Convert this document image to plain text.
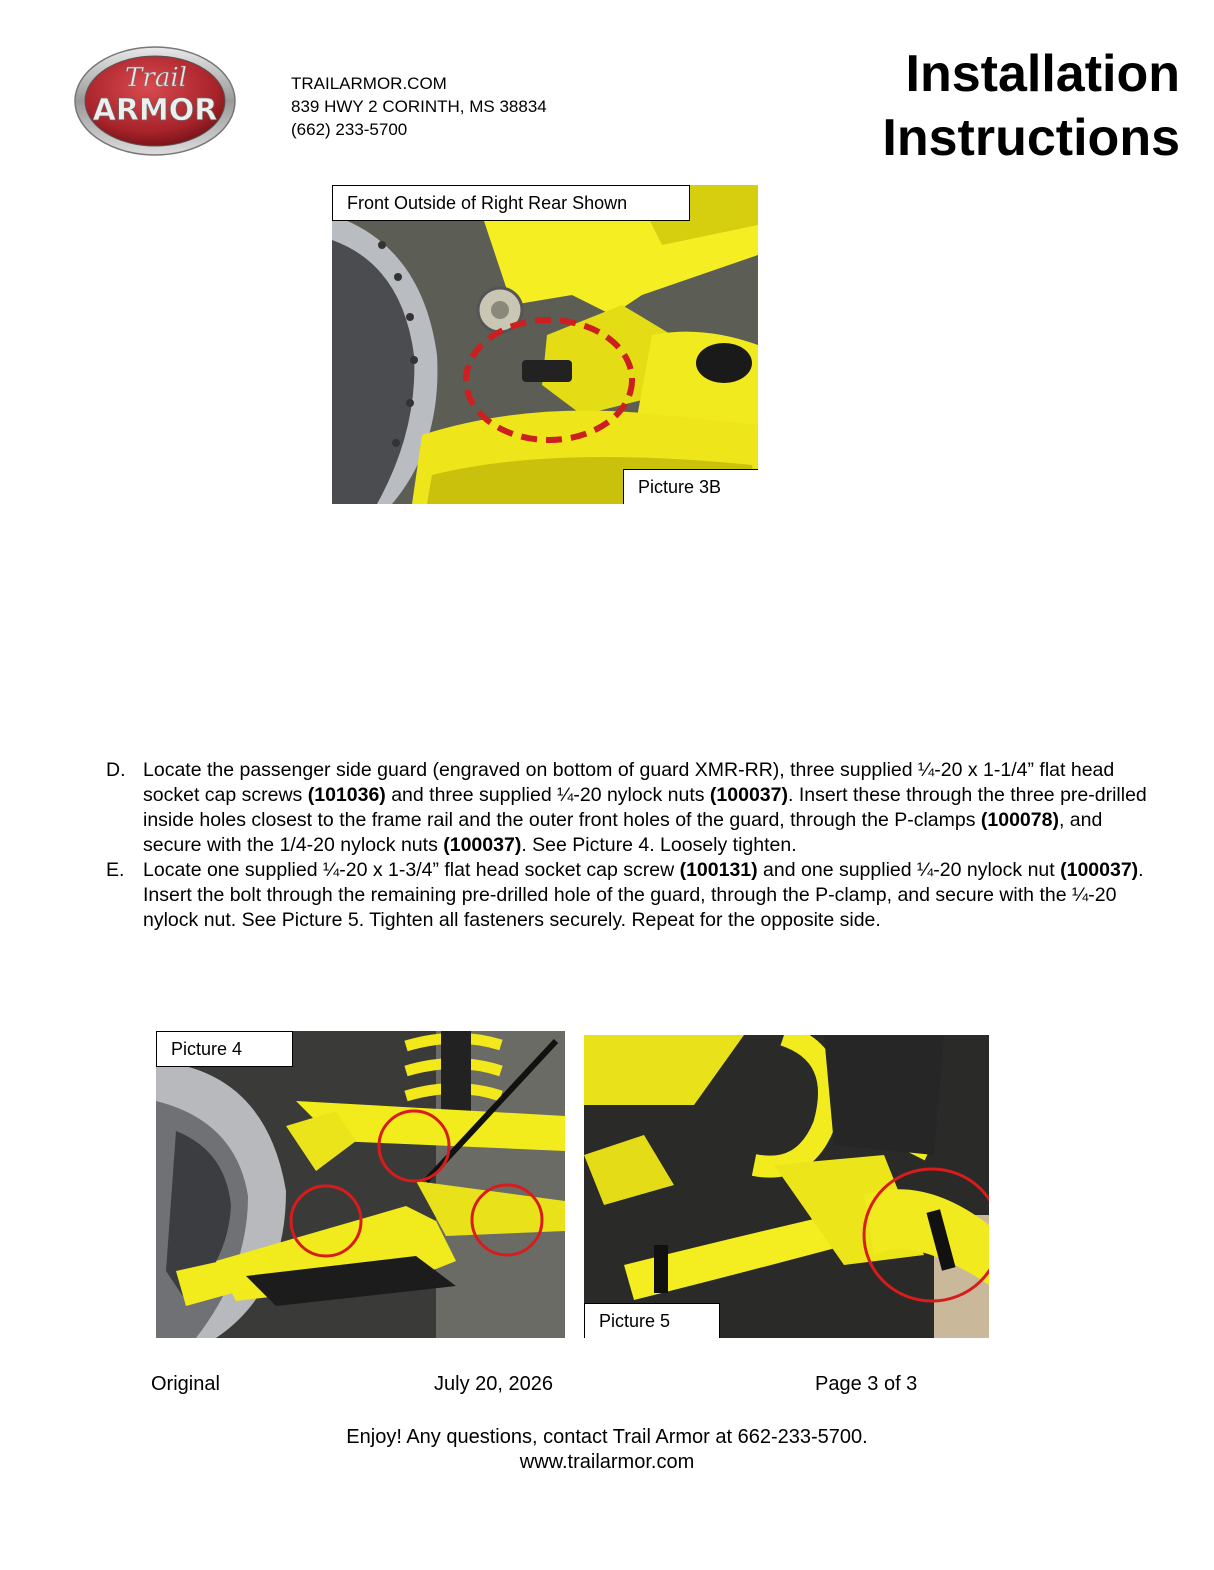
Trail
ARMOR
TRAILARMOR.COM
839 HWY 2 CORINTH, MS 38834
(662) 233-5700
Installation
Instructions
Front Outside of Right Rear Shown
Picture 3B
D. Locate the passenger side guard (engraved on bottom of guard XMR-RR), three supplied ¼-20 x 1-1/4” flat head socket cap screws (101036) and three supplied ¼-20 nylock nuts (100037). Insert these through the three pre-drilled inside holes closest to the frame rail and the outer front holes of the guard, through the P-clamps (100078), and secure with the 1/4-20 nylock nuts (100037). See Picture 4. Loosely tighten.
E. Locate one supplied ¼-20 x 1-3/4” flat head socket cap screw (100131) and one supplied ¼-20 nylock nut (100037). Insert the bolt through the remaining pre-drilled hole of the guard, through the P-clamp, and secure with the ¼-20 nylock nut. See Picture 5. Tighten all fasteners securely. Repeat for the opposite side.
Picture 4
Picture 5
Original	July 20, 2026	Page 3 of 3
Enjoy! Any questions, contact Trail Armor at 662-233-5700.
www.trailarmor.com
